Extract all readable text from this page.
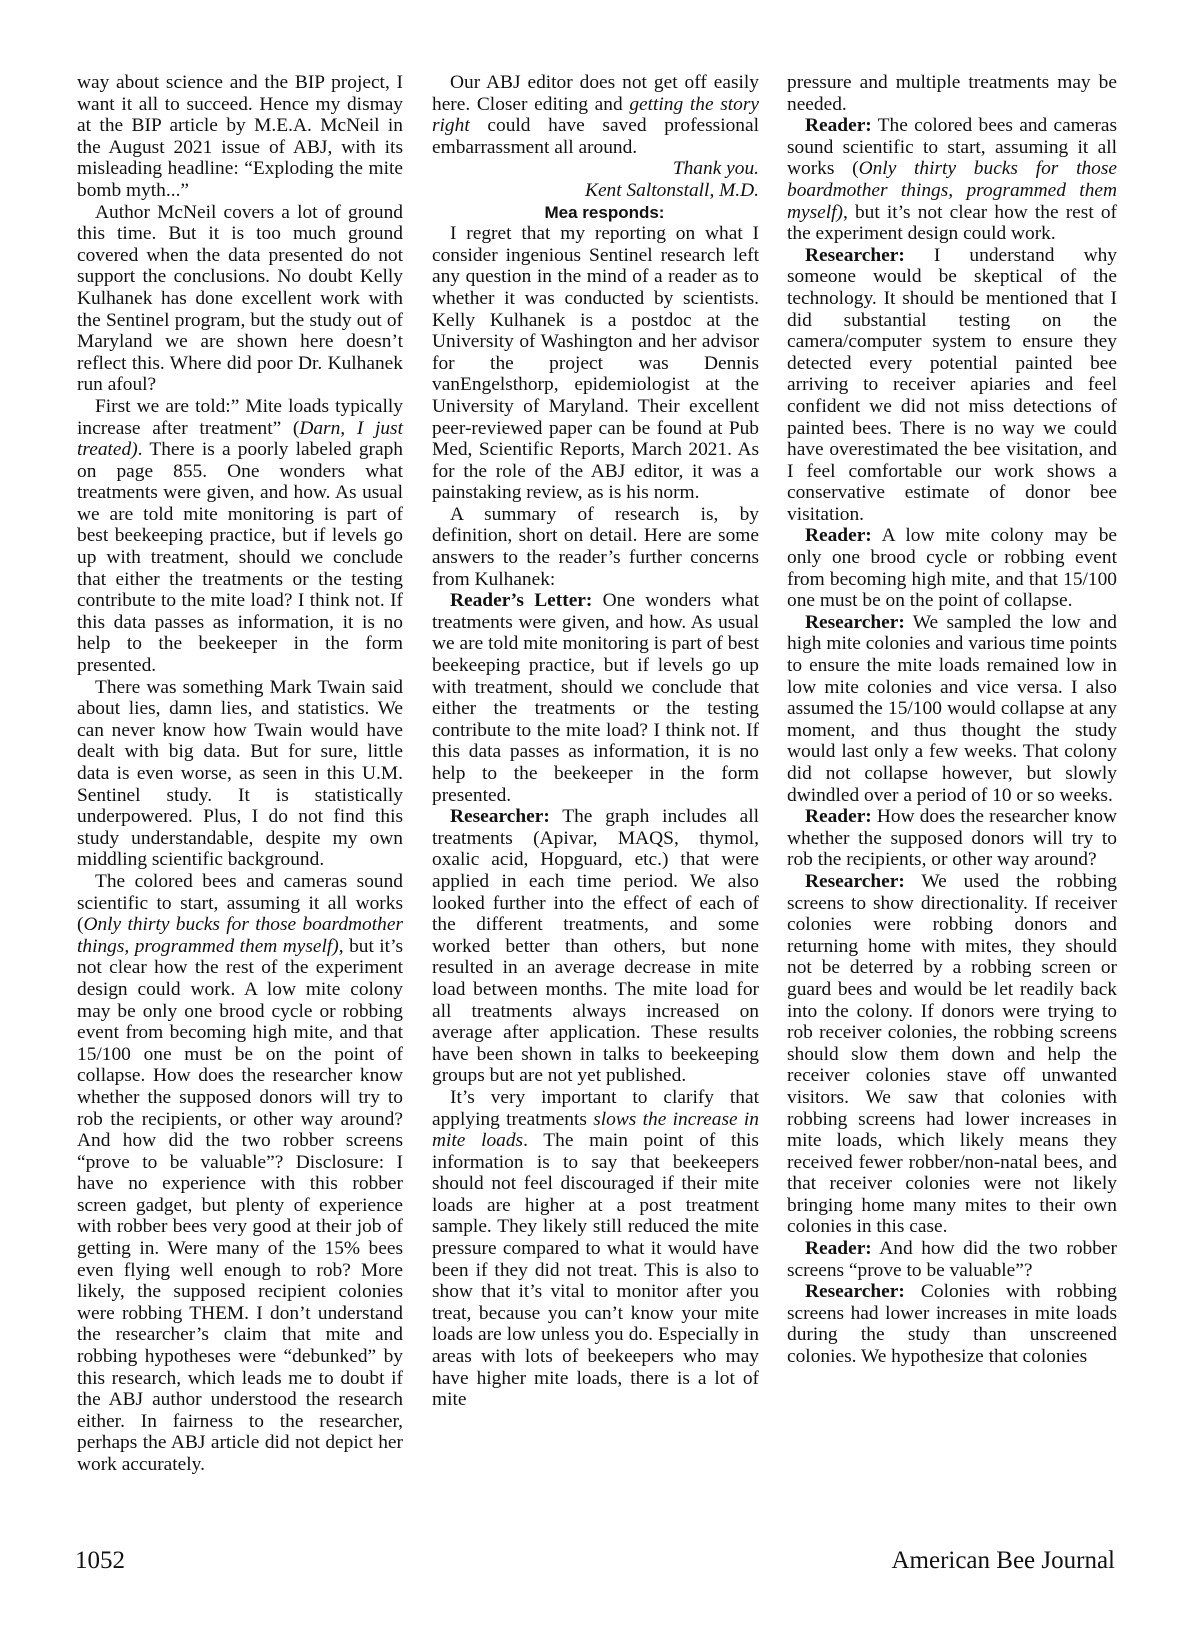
way about science and the BIP project, I want it all to succeed. Hence my dismay at the BIP article by M.E.A. McNeil in the August 2021 issue of ABJ, with its misleading headline: “Exploding the mite bomb myth...”

Author McNeil covers a lot of ground this time. But it is too much ground covered when the data presented do not support the conclusions. No doubt Kelly Kulhanek has done excellent work with the Sentinel program, but the study out of Maryland we are shown here doesn’t reflect this. Where did poor Dr. Kulhanek run afoul?

First we are told:” Mite loads typically increase after treatment” (Darn, I just treated). There is a poorly labeled graph on page 855. One wonders what treatments were given, and how. As usual we are told mite monitoring is part of best beekeeping practice, but if levels go up with treatment, should we conclude that either the treatments or the testing contribute to the mite load? I think not. If this data passes as information, it is no help to the beekeeper in the form presented.

There was something Mark Twain said about lies, damn lies, and statistics. We can never know how Twain would have dealt with big data. But for sure, little data is even worse, as seen in this U.M. Sentinel study. It is statistically underpowered. Plus, I do not find this study understandable, despite my own middling scientific background.

The colored bees and cameras sound scientific to start, assuming it all works (Only thirty bucks for those boardmother things, programmed them myself), but it’s not clear how the rest of the experiment design could work. A low mite colony may be only one brood cycle or robbing event from becoming high mite, and that 15/100 one must be on the point of collapse. How does the researcher know whether the supposed donors will try to rob the recipients, or other way around? And how did the two robber screens “prove to be valuable”? Disclosure: I have no experience with this robber screen gadget, but plenty of experience with robber bees very good at their job of getting in. Were many of the 15% bees even flying well enough to rob? More likely, the supposed recipient colonies were robbing THEM. I don’t understand the researcher’s claim that mite and robbing hypotheses were “debunked” by this research, which leads me to doubt if the ABJ author understood the research either. In fairness to the researcher, perhaps the ABJ article did not depict her work accurately.

Our ABJ editor does not get off easily here. Closer editing and getting the story right could have saved professional embarrassment all around.

Thank you.

Kent Saltonstall, M.D.

Mea responds:

I regret that my reporting on what I consider ingenious Sentinel research left any question in the mind of a reader as to whether it was conducted by scientists. Kelly Kulhanek is a postdoc at the University of Washington and her advisor for the project was Dennis vanEngelsthorp, epidemiologist at the University of Maryland. Their excellent peer-reviewed paper can be found at Pub Med, Scientific Reports, March 2021. As for the role of the ABJ editor, it was a painstaking review, as is his norm.

A summary of research is, by definition, short on detail. Here are some answers to the reader’s further concerns from Kulhanek:

Reader’s Letter: One wonders what treatments were given, and how. As usual we are told mite monitoring is part of best beekeeping practice, but if levels go up with treatment, should we conclude that either the treatments or the testing contribute to the mite load? I think not. If this data passes as information, it is no help to the beekeeper in the form presented.

Researcher: The graph includes all treatments (Apivar, MAQS, thymol, oxalic acid, Hopguard, etc.) that were applied in each time period. We also looked further into the effect of each of the different treatments, and some worked better than others, but none resulted in an average decrease in mite load between months. The mite load for all treatments always increased on average after application. These results have been shown in talks to beekeeping groups but are not yet published.

It’s very important to clarify that applying treatments slows the increase in mite loads. The main point of this information is to say that beekeepers should not feel discouraged if their mite loads are higher at a post treatment sample. They likely still reduced the mite pressure compared to what it would have been if they did not treat. This is also to show that it’s vital to monitor after you treat, because you can’t know your mite loads are low unless you do. Especially in areas with lots of beekeepers who may have higher mite loads, there is a lot of mite

pressure and multiple treatments may be needed.

Reader: The colored bees and cameras sound scientific to start, assuming it all works (Only thirty bucks for those boardmother things, programmed them myself), but it’s not clear how the rest of the experiment design could work.

Researcher: I understand why someone would be skeptical of the technology. It should be mentioned that I did substantial testing on the camera/computer system to ensure they detected every potential painted bee arriving to receiver apiaries and feel confident we did not miss detections of painted bees. There is no way we could have overestimated the bee visitation, and I feel comfortable our work shows a conservative estimate of donor bee visitation.

Reader: A low mite colony may be only one brood cycle or robbing event from becoming high mite, and that 15/100 one must be on the point of collapse.

Researcher: We sampled the low and high mite colonies and various time points to ensure the mite loads remained low in low mite colonies and vice versa. I also assumed the 15/100 would collapse at any moment, and thus thought the study would last only a few weeks. That colony did not collapse however, but slowly dwindled over a period of 10 or so weeks.

Reader: How does the researcher know whether the supposed donors will try to rob the recipients, or other way around?

Researcher: We used the robbing screens to show directionality. If receiver colonies were robbing donors and returning home with mites, they should not be deterred by a robbing screen or guard bees and would be let readily back into the colony. If donors were trying to rob receiver colonies, the robbing screens should slow them down and help the receiver colonies stave off unwanted visitors. We saw that colonies with robbing screens had lower increases in mite loads, which likely means they received fewer robber/non-natal bees, and that receiver colonies were not likely bringing home many mites to their own colonies in this case.

Reader: And how did the two robber screens “prove to be valuable”?

Researcher: Colonies with robbing screens had lower increases in mite loads during the study than unscreened colonies. We hypothesize that colonies

1052	American Bee Journal
